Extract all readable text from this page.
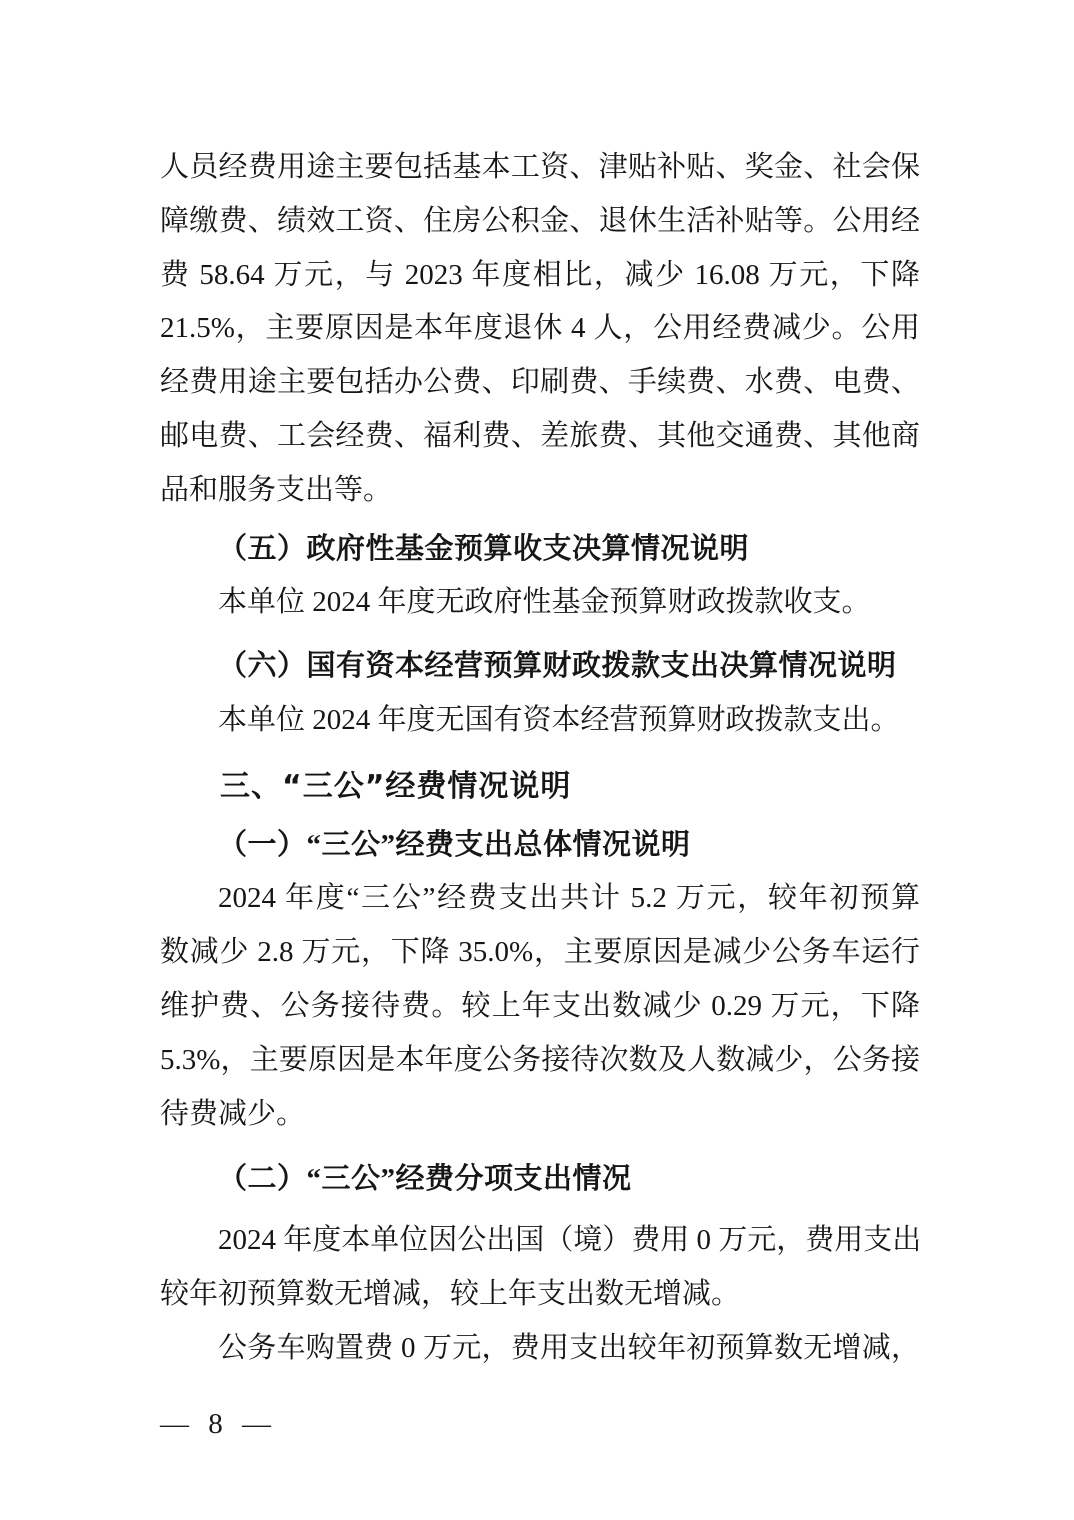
人员经费用途主要包括基本工资、津贴补贴、奖金、社会保
障缴费、绩效工资、住房公积金、退休生活补贴等。公用经
费 58.64 万元，与 2023 年度相比，减少 16.08 万元，下降
21.5%，主要原因是本年度退休 4 人，公用经费减少。公用
经费用途主要包括办公费、印刷费、手续费、水费、电费、
邮电费、工会经费、福利费、差旅费、其他交通费、其他商
品和服务支出等。
（五）政府性基金预算收支决算情况说明
本单位 2024 年度无政府性基金预算财政拨款收支。
（六）国有资本经营预算财政拨款支出决算情况说明
本单位 2024 年度无国有资本经营预算财政拨款支出。
三、“三公”经费情况说明
（一）“三公”经费支出总体情况说明
2024 年度“三公”经费支出共计 5.2 万元，较年初预算
数减少 2.8 万元，下降 35.0%，主要原因是减少公务车运行
维护费、公务接待费。较上年支出数减少 0.29 万元，下降
5.3%，主要原因是本年度公务接待次数及人数减少，公务接
待费减少。
（二）“三公”经费分项支出情况
2024 年度本单位因公出国（境）费用 0 万元，费用支出
较年初预算数无增减，较上年支出数无增减。
公务车购置费 0 万元，费用支出较年初预算数无增减，
— 8 —
